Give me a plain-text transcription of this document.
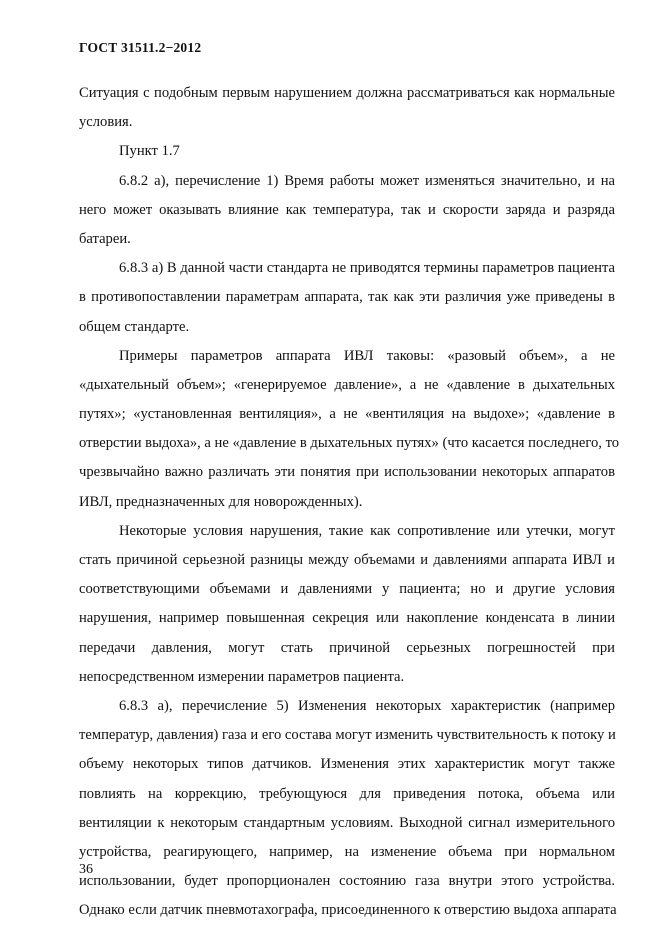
ГОСТ 31511.2−2012
Ситуация с подобным первым нарушением должна рассматриваться как нормальные
условия.
Пункт 1.7
6.8.2 а), перечисление 1) Время работы может изменяться значительно, и на
него может оказывать влияние как температура, так и скорости заряда и разряда
батареи.
6.8.3 а) В данной части стандарта не приводятся термины параметров пациента
в противопоставлении параметрам аппарата, так как эти различия уже приведены в
общем стандарте.
Примеры параметров аппарата ИВЛ таковы: «разовый объем», а не
«дыхательный объем»; «генерируемое давление», а не «давление в дыхательных
путях»; «установленная вентиляция», а не «вентиляция на выдохе»; «давление в
отверстии выдоха», а не «давление в дыхательных путях» (что касается последнего, то
чрезвычайно важно различать эти понятия при использовании некоторых аппаратов
ИВЛ, предназначенных для новорожденных).
Некоторые условия нарушения, такие как сопротивление или утечки, могут
стать причиной серьезной разницы между объемами и давлениями аппарата ИВЛ и
соответствующими объемами и давлениями у пациента; но и другие условия
нарушения, например повышенная секреция или накопление конденсата в линии
передачи давления, могут стать причиной серьезных погрешностей при
непосредственном измерении параметров пациента.
6.8.3 а), перечисление 5) Изменения некоторых характеристик (например
температур, давления) газа и его состава могут изменить чувствительность к потоку и
объему некоторых типов датчиков. Изменения этих характеристик могут также
повлиять на коррекцию, требующуюся для приведения потока, объема или
вентиляции к некоторым стандартным условиям. Выходной сигнал измерительного
устройства, реагирующего, например, на изменение объема при нормальном
использовании, будет пропорционален состоянию газа внутри этого устройства.
Однако если датчик пневмотахографа, присоединенного к отверстию выдоха аппарата
36
